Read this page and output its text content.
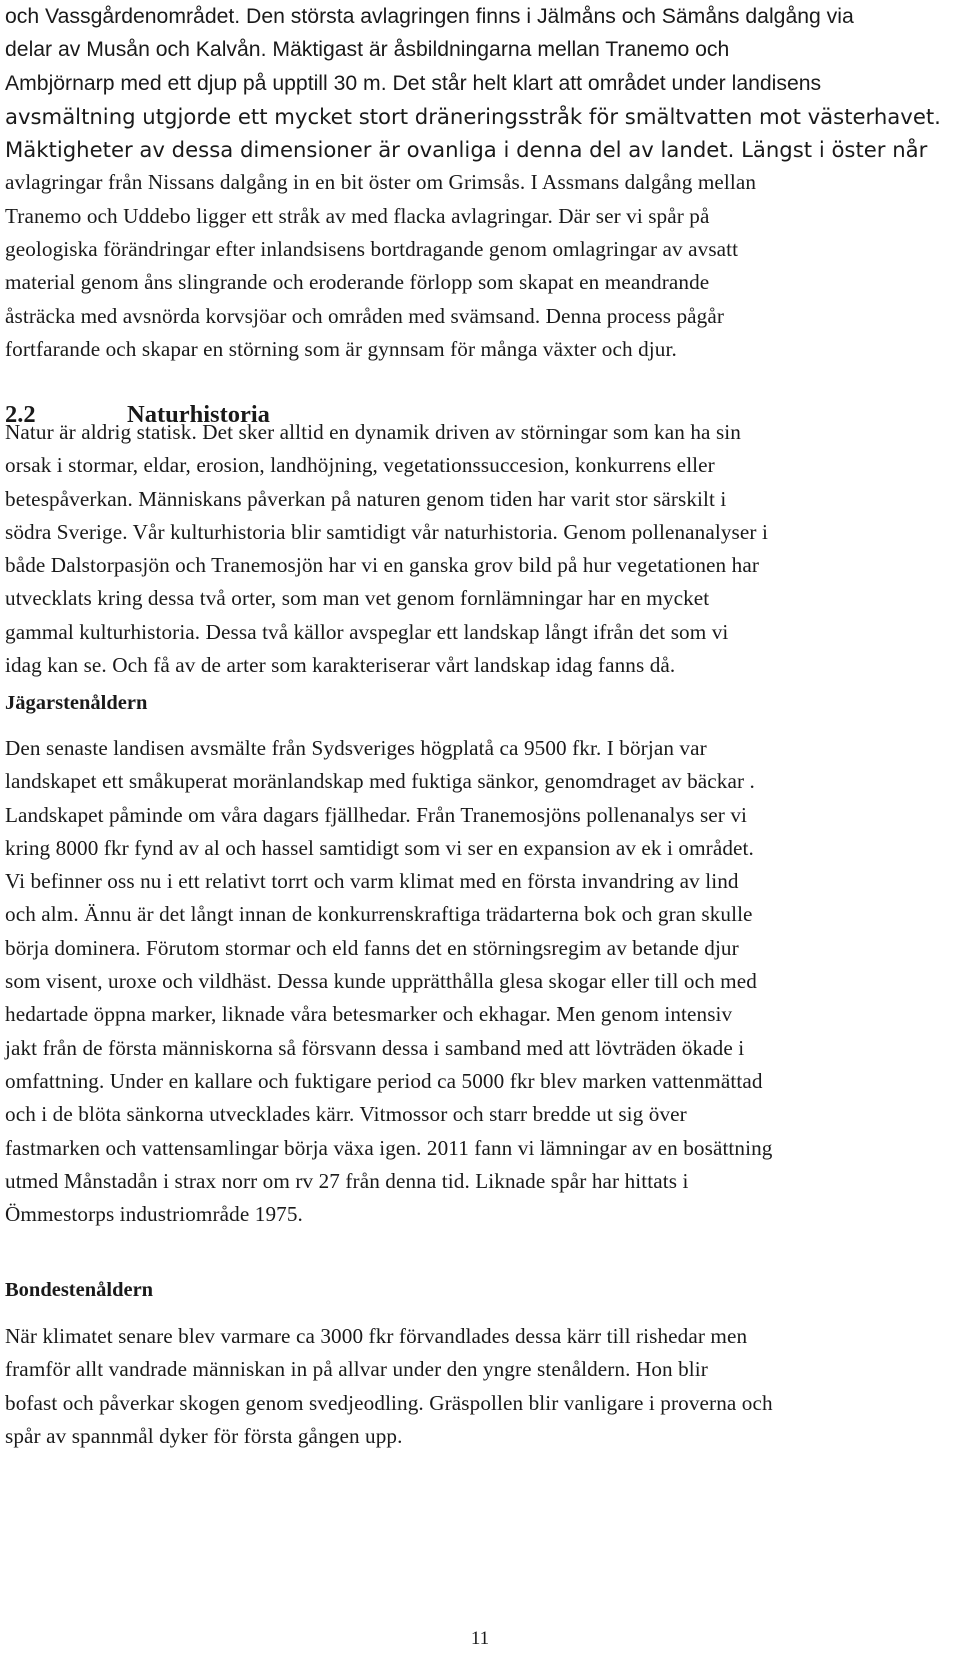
och Vassgårdenområdet. Den största avlagringen finns i Jälmåns och Sämåns dalgång via
delar av Musån och Kalvån. Mäktigast är åsbildningarna mellan Tranemo och
Ambjörnarp med ett djup på upptill 30 m. Det står helt klart att området under landisens
avsmältning utgjorde ett mycket stort dräneringsstråk för smältvatten mot västerhavet.
Mäktigheter av dessa dimensioner är ovanliga i denna del av landet. Längst i öster når
avlagringar från Nissans dalgång in en bit öster om Grimsås. I Assmans dalgång mellan
Tranemo och Uddebo ligger ett stråk av med flacka avlagringar. Där ser vi spår på
geologiska förändringar efter inlandsisens bortdragande genom omlagringar av avsatt
material genom åns slingrande och eroderande förlopp som skapat en meandrande
åsträcka med avsnörda korvsjöar och områden med svämsand. Denna process pågår
fortfarande och skapar en störning som är gynnsam för många växter och djur.
2.2	Naturhistoria
Natur är aldrig statisk. Det sker alltid en dynamik driven av störningar som kan ha sin
orsak i stormar, eldar, erosion, landhöjning, vegetationssuccesion, konkurrens eller
betespåverkan. Människans påverkan på naturen genom tiden har varit stor särskilt i
södra Sverige. Vår kulturhistoria blir samtidigt vår naturhistoria. Genom pollenanalyser i
både Dalstorpasjön och Tranemosjön har vi en ganska grov bild på hur vegetationen har
utvecklats kring dessa två orter, som man vet genom fornlämningar har en mycket
gammal kulturhistoria. Dessa två källor avspeglar ett landskap långt ifrån det som vi
idag kan se. Och få av de arter som karakteriserar vårt landskap idag fanns då.
Jägarstenåldern
Den senaste landisen avsmälte från Sydsveriges högplatå ca 9500 fkr. I början var
landskapet ett småkuperat moränlandskap med fuktiga sänkor, genomdraget av bäckar .
Landskapet påminde om våra dagars fjällhedar. Från Tranemosjöns pollenanalys ser vi
kring 8000 fkr fynd av al och hassel samtidigt som vi ser en expansion av ek i området.
Vi befinner oss nu i ett relativt torrt och varm klimat med en första invandring av lind
och alm. Ännu är det långt innan de konkurrenskraftiga trädarterna bok och gran skulle
börja dominera. Förutom stormar och eld fanns det en störningsregim av betande djur
som visent, uroxe och vildhäst. Dessa kunde upprätthålla glesa skogar eller till och med
hedartade öppna marker, liknade våra betesmarker och ekhagar. Men genom intensiv
jakt från de första människorna så försvann dessa i samband med att lövträden ökade i
omfattning. Under en kallare och fuktigare period ca 5000 fkr blev marken vattenmättad
och i de blöta sänkorna utvecklades kärr. Vitmossor och starr bredde ut sig över
fastmarken och vattensamlingar börja växa igen. 2011 fann vi lämningar av en bosättning
utmed Månstadån i strax norr om rv 27 från denna tid. Liknade spår har hittats i
Ömmestorps industriområde 1975.
Bondestenåldern
När klimatet senare blev varmare ca 3000 fkr förvandlades dessa kärr till rishedar men
framför allt vandrade människan in på allvar under den yngre stenåldern. Hon blir
bofast och påverkar skogen genom svedjeodling. Gräspollen blir vanligare i proverna och
spår av spannmål dyker för första gången upp.
11
